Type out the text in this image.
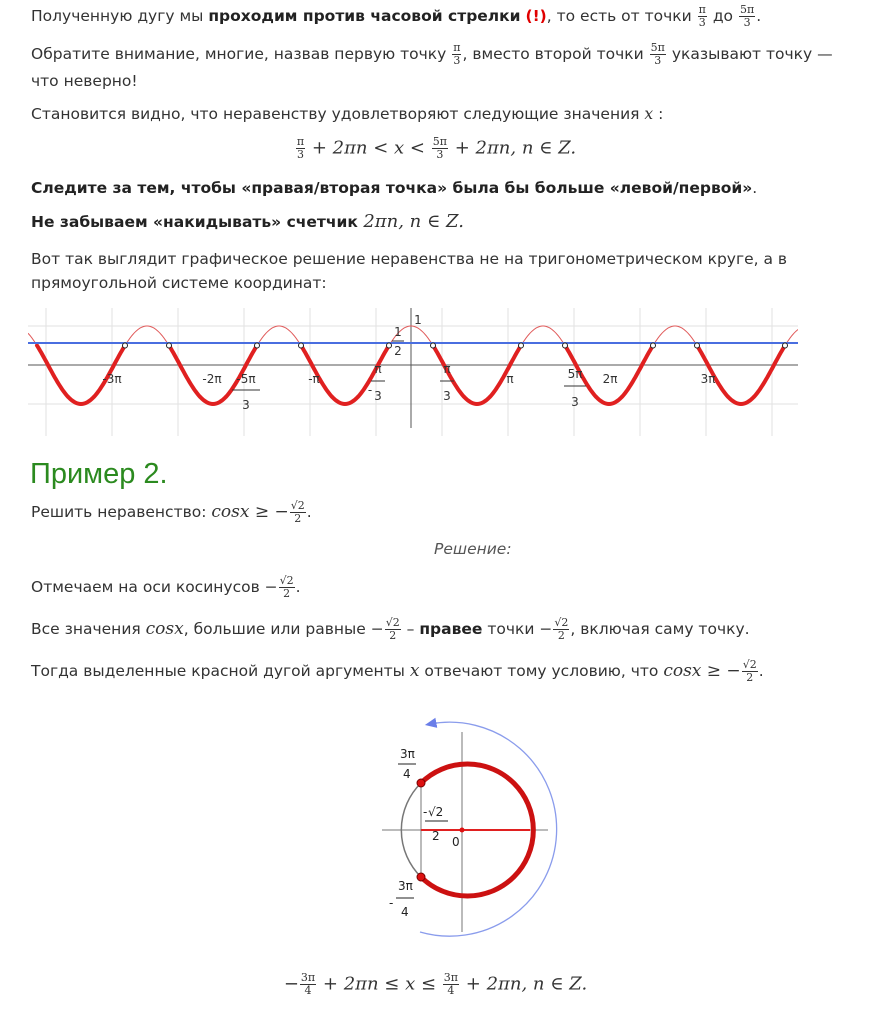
Полученную дугу мы проходим против часовой стрелки (!), то есть от точки $\frac{\pi}{3}$ до $\frac{5\pi}{3}$ .
Обратите внимание, многие, назвав первую точку $\frac{\pi}{3}$ , вместо второй точки $\frac{5\pi}{3}$ указывают точку —
что неверно!
Становится видно, что неравенству удовлетворяют следующие значения x :
$\frac{\pi}{3} + 2\pi n < x < \frac{5\pi}{3} + 2\pi n$, n ∈ Z.
Следите за тем, чтобы «правая/вторая точка» была бы больше «левой/первой».
Не забываем «накидывать» счетчик 2πn, n ∈ Z.
Вот так выглядит графическое решение неравенства не на тригонометрическом круге, а в
прямоугольной системе координат:
-3π	-2π -5π
3
-π
π
- 3
π
3
π	5π
3
2π	3π
1
1
2
Пример 2.
Решить неравенство: cosx ≥ − $\frac{√2}{2}$ .
Решение:
Отмечаем на оси косинусов − $\frac{√2}{2}$ .
Все значения cosx, большие или равные − $\frac{√2}{2}$ – правее точки − $\frac{√2}{2}$ , включая саму точку.
Тогда выделенные красной дугой аргументы x отвечают тому условию, что cosx ≥ − $\frac{√2}{2}$ .
3π
4
- √2
2 0
3π
-
4
− $\frac{3\pi}{4} + 2\pi n \le x \le \frac{3\pi}{4} + 2\pi n$, n ∈ Z.
